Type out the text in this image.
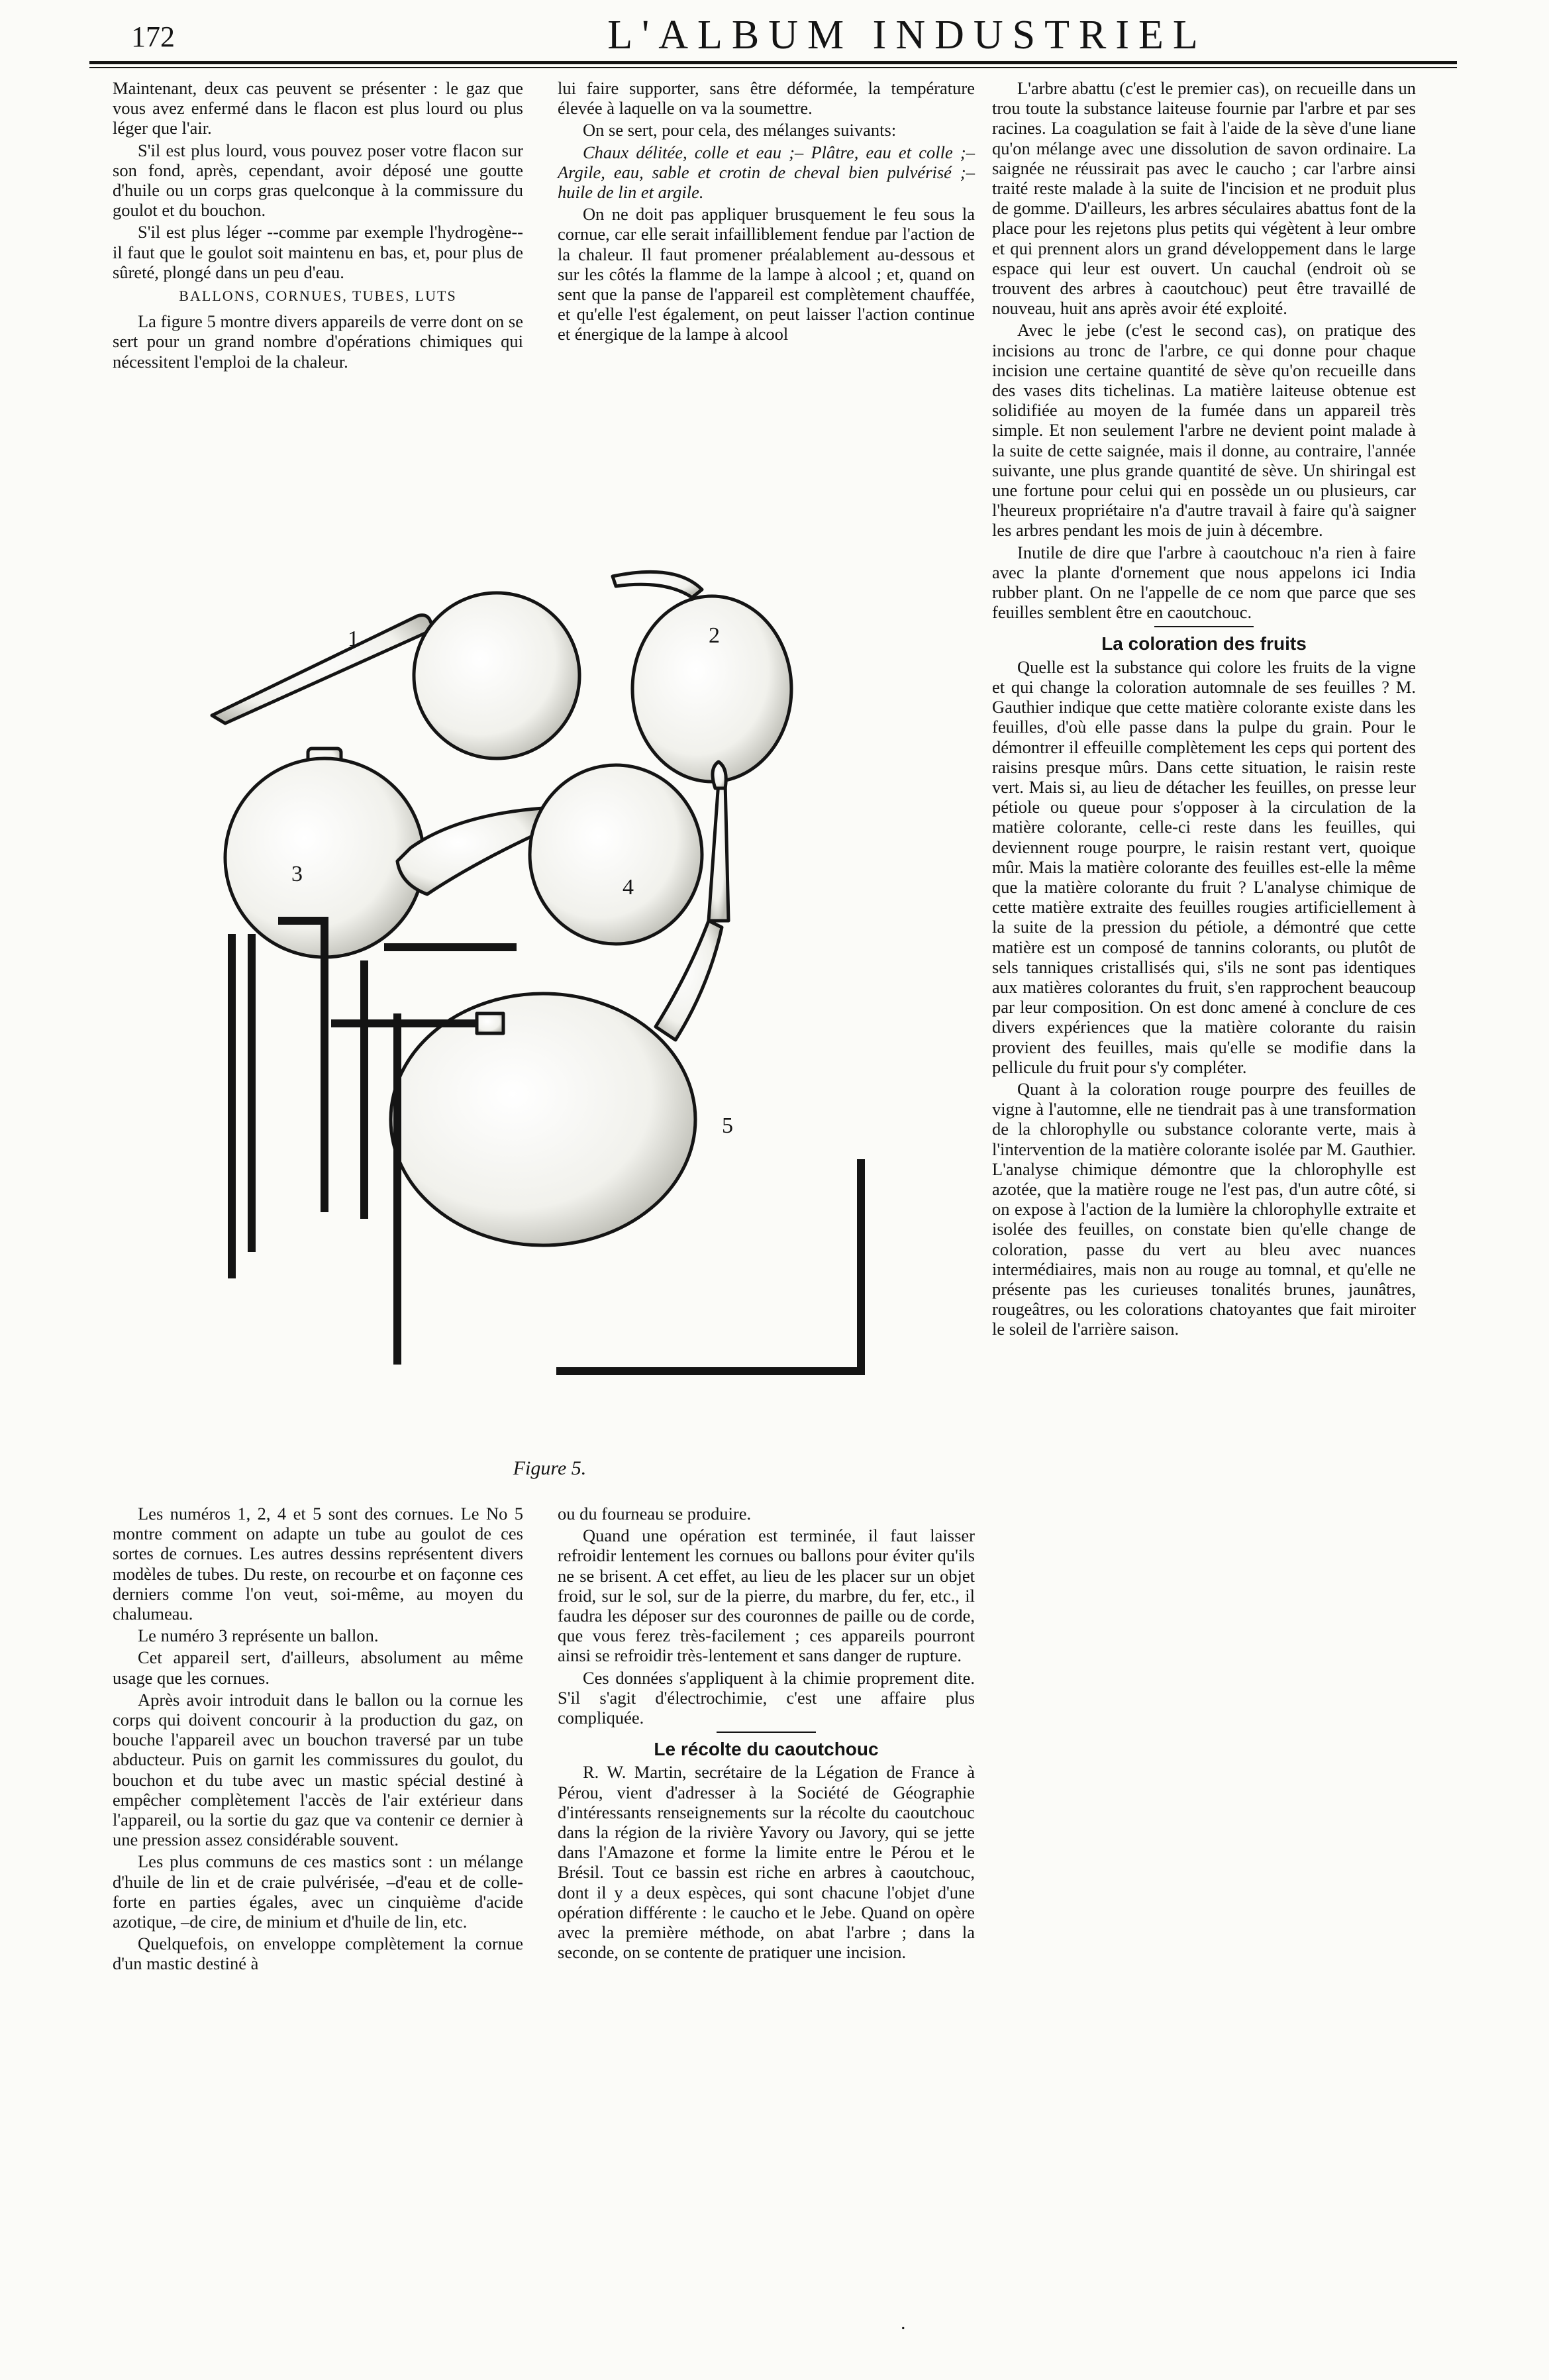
172	L'ALBUM INDUSTRIEL

Maintenant, deux cas peuvent se présenter : le gaz que vous avez enfermé dans le flacon est plus lourd ou plus léger que l'air.

S'il est plus lourd, vous pouvez poser votre flacon sur son fond, après, cependant, avoir déposé une goutte d'huile ou un corps gras quelconque à la commissure du goulot et du bouchon.

S'il est plus léger --comme par exemple l'hydrogène--il faut que le goulot soit maintenu en bas, et, pour plus de sûreté, plongé dans un peu d'eau.

BALLONS, CORNUES, TUBES, LUTS

La figure 5 montre divers appareils de verre dont on se sert pour un grand nombre d'opérations chimiques qui nécessitent l'emploi de la chaleur.

lui faire supporter, sans être déformée, la température élevée à laquelle on va la soumettre.

On se sert, pour cela, des mélanges suivants:

Chaux délitée, colle et eau ;– Plâtre, eau et colle ;– Argile, eau, sable et crotin de cheval bien pulvérisé ;– huile de lin et argile.

On ne doit pas appliquer brusquement le feu sous la cornue, car elle serait infailliblement fendue par l'action de la chaleur. Il faut promener préalablement au-dessous et sur les côtés la flamme de la lampe à alcool ; et, quand on sent que la panse de l'appareil est complètement chauffée, et qu'elle l'est également, on peut laisser l'action continue et énergique de la lampe à alcool

L'arbre abattu (c'est le premier cas), on recueille dans un trou toute la substance laiteuse fournie par l'arbre et par ses racines. La coagulation se fait à l'aide de la sève d'une liane qu'on mélange avec une dissolution de savon ordinaire. La saignée ne réussirait pas avec le caucho ; car l'arbre ainsi traité reste malade à la suite de l'incision et ne produit plus de gomme. D'ailleurs, les arbres séculaires abattus font de la place pour les rejetons plus petits qui végètent à leur ombre et qui prennent alors un grand développement dans le large espace qui leur est ouvert. Un cauchal (endroit où se trouvent des arbres à caoutchouc) peut être travaillé de nouveau, huit ans après avoir été exploité.

Avec le jebe (c'est le second cas), on pratique des incisions au tronc de l'arbre, ce qui donne pour chaque incision une certaine quantité de sève qu'on recueille dans des vases dits tichelinas. La matière laiteuse obtenue est solidifiée au moyen de la fumée dans un appareil très simple. Et non seulement l'arbre ne devient point malade à la suite de cette saignée, mais il donne, au contraire, l'année suivante, une plus grande quantité de sève. Un shiringal est une fortune pour celui qui en possède un ou plusieurs, car l'heureux propriétaire n'a d'autre travail à faire qu'à saigner les arbres pendant les mois de juin à décembre.

Inutile de dire que l'arbre à caoutchouc n'a rien à faire avec la plante d'ornement que nous appelons ici India rubber plant. On ne l'appelle de ce nom que parce que ses feuilles semblent être en caoutchouc.

La coloration des fruits

Quelle est la substance qui colore les fruits de la vigne et qui change la coloration automnale de ses feuilles ? M. Gauthier indique que cette matière colorante existe dans les feuilles, d'où elle passe dans la pulpe du grain. Pour le démontrer il effeuille complètement les ceps qui portent des raisins presque mûrs. Dans cette situation, le raisin reste vert. Mais si, au lieu de détacher les feuilles, on presse leur pétiole ou queue pour s'opposer à la circulation de la matière colorante, celle-ci reste dans les feuilles, qui deviennent rouge pourpre, le raisin restant vert, quoique mûr. Mais la matière colorante des feuilles est-elle la même que la matière colorante du fruit ? L'analyse chimique de cette matière extraite des feuilles rougies artificiellement à la suite de la pression du pétiole, a démontré que cette matière est un composé de tannins colorants, ou plutôt de sels tanniques cristallisés qui, s'ils ne sont pas identiques aux matières colorantes du fruit, s'en rapprochent beaucoup par leur composition. On est donc amené à conclure de ces divers expériences que la matière colorante du raisin provient des feuilles, mais qu'elle se modifie dans la pellicule du fruit pour s'y compléter.

Quant à la coloration rouge pourpre des feuilles de vigne à l'automne, elle ne tiendrait pas à une transformation de la chlorophylle ou substance colorante verte, mais à l'intervention de la matière colorante isolée par M. Gauthier. L'analyse chimique démontre que la chlorophylle est azotée, que la matière rouge ne l'est pas, d'un autre côté, si on expose à l'action de la lumière la chlorophylle extraite et isolée des feuilles, on constate bien qu'elle change de coloration, passe du vert au bleu avec nuances intermédiaires, mais non au rouge au tomnal, et qu'elle ne présente pas les curieuses tonalités brunes, jaunâtres, rougeâtres, ou les colorations chatoyantes que fait miroiter le soleil de l'arrière saison.

1	2
3
4
5
Figure 5.

Les numéros 1, 2, 4 et 5 sont des cornues. Le No 5 montre comment on adapte un tube au goulot de ces sortes de cornues. Les autres dessins représentent divers modèles de tubes. Du reste, on recourbe et on façonne ces derniers comme l'on veut, soi-même, au moyen du chalumeau.

Le numéro 3 représente un ballon.

Cet appareil sert, d'ailleurs, absolument au même usage que les cornues.

Après avoir introduit dans le ballon ou la cornue les corps qui doivent concourir à la production du gaz, on bouche l'appareil avec un bouchon traversé par un tube abducteur. Puis on garnit les commissures du goulot, du bouchon et du tube avec un mastic spécial destiné à empêcher complètement l'accès de l'air extérieur dans l'appareil, ou la sortie du gaz que va contenir ce dernier à une pression assez considérable souvent.

Les plus communs de ces mastics sont : un mélange d'huile de lin et de craie pulvérisée, –d'eau et de colle-forte en parties égales, avec un cinquième d'acide azotique, –de cire, de minium et d'huile de lin, etc.

Quelquefois, on enveloppe complètement la cornue d'un mastic destiné à

ou du fourneau se produire.

Quand une opération est terminée, il faut laisser refroidir lentement les cornues ou ballons pour éviter qu'ils ne se brisent. A cet effet, au lieu de les placer sur un objet froid, sur le sol, sur de la pierre, du marbre, du fer, etc., il faudra les déposer sur des couronnes de paille ou de corde, que vous ferez très-facilement ; ces appareils pourront ainsi se refroidir très-lentement et sans danger de rupture.

Ces données s'appliquent à la chimie proprement dite. S'il s'agit d'électrochimie, c'est une affaire plus compliquée.

Le récolte du caoutchouc

R. W. Martin, secrétaire de la Légation de France à Pérou, vient d'adresser à la Société de Géographie d'intéressants renseignements sur la récolte du caoutchouc dans la région de la rivière Yavory ou Javory, qui se jette dans l'Amazone et forme la limite entre le Pérou et le Brésil. Tout ce bassin est riche en arbres à caoutchouc, dont il y a deux espèces, qui sont chacune l'objet d'une opération différente : le caucho et le Jebe. Quand on opère avec la première méthode, on abat l'arbre ; dans la seconde, on se contente de pratiquer une incision.

.
